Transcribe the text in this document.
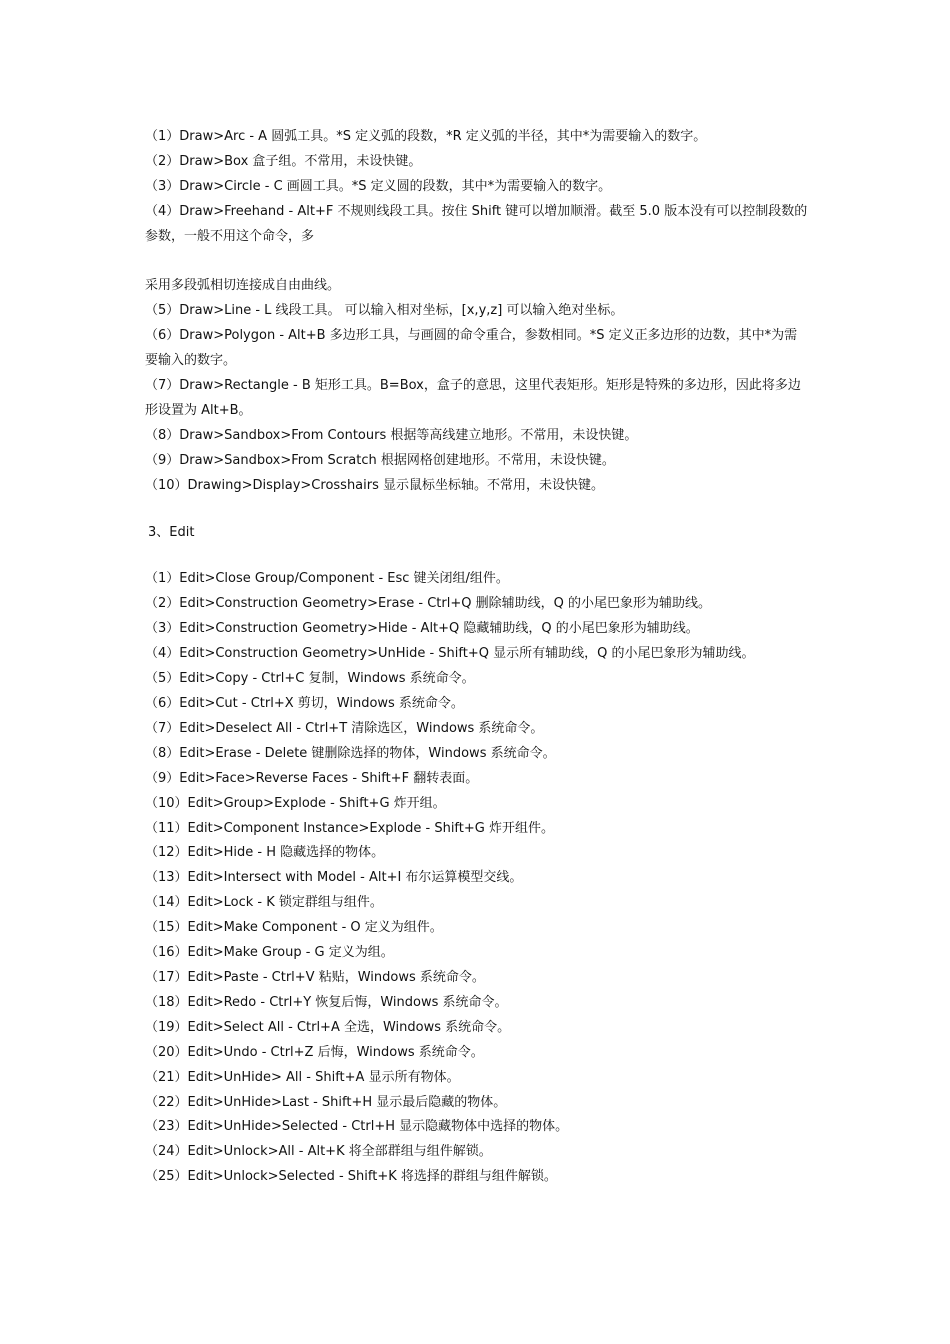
（1）Draw>Arc - A 圆弧工具。*S 定义弧的段数，*R 定义弧的半径，其中*为需要输入的数字。
（2）Draw>Box 盒子组。不常用，未设快键。
（3）Draw>Circle - C 画圆工具。*S 定义圆的段数，其中*为需要输入的数字。
（4）Draw>Freehand - Alt+F 不规则线段工具。按住 Shift 键可以增加顺滑。截至 5.0 版本没有可以控制段数的参数，一般不用这个命令，多
采用多段弧相切连接成自由曲线。
（5）Draw>Line - L 线段工具。 可以输入相对坐标，[x,y,z] 可以输入绝对坐标。
（6）Draw>Polygon - Alt+B 多边形工具，与画圆的命令重合，参数相同。*S 定义正多边形的边数，其中*为需要输入的数字。
（7）Draw>Rectangle - B 矩形工具。B=Box，盒子的意思，这里代表矩形。矩形是特殊的多边形，因此将多边形设置为 Alt+B。
（8）Draw>Sandbox>From Contours 根据等高线建立地形。不常用，未设快键。
（9）Draw>Sandbox>From Scratch 根据网格创建地形。不常用，未设快键。
（10）Drawing>Display>Crosshairs 显示鼠标坐标轴。不常用，未设快键。
3、Edit
（1）Edit>Close Group/Component - Esc 键关闭组/组件。
（2）Edit>Construction Geometry>Erase - Ctrl+Q 删除辅助线，Q 的小尾巴象形为辅助线。
（3）Edit>Construction Geometry>Hide - Alt+Q 隐藏辅助线，Q 的小尾巴象形为辅助线。
（4）Edit>Construction Geometry>UnHide - Shift+Q 显示所有辅助线，Q 的小尾巴象形为辅助线。
（5）Edit>Copy - Ctrl+C 复制，Windows 系统命令。
（6）Edit>Cut - Ctrl+X 剪切，Windows 系统命令。
（7）Edit>Deselect All - Ctrl+T 清除选区，Windows 系统命令。
（8）Edit>Erase - Delete 键删除选择的物体，Windows 系统命令。
（9）Edit>Face>Reverse Faces - Shift+F 翻转表面。
（10）Edit>Group>Explode - Shift+G 炸开组。
（11）Edit>Component Instance>Explode - Shift+G 炸开组件。
（12）Edit>Hide - H 隐藏选择的物体。
（13）Edit>Intersect with Model - Alt+I 布尔运算模型交线。
（14）Edit>Lock - K 锁定群组与组件。
（15）Edit>Make Component - O 定义为组件。
（16）Edit>Make Group - G 定义为组。
（17）Edit>Paste - Ctrl+V 粘贴，Windows 系统命令。
（18）Edit>Redo - Ctrl+Y 恢复后悔，Windows 系统命令。
（19）Edit>Select All - Ctrl+A 全选，Windows 系统命令。
（20）Edit>Undo - Ctrl+Z 后悔，Windows 系统命令。
（21）Edit>UnHide> All - Shift+A 显示所有物体。
（22）Edit>UnHide>Last - Shift+H 显示最后隐藏的物体。
（23）Edit>UnHide>Selected - Ctrl+H 显示隐藏物体中选择的物体。
（24）Edit>Unlock>All - Alt+K 将全部群组与组件解锁。
（25）Edit>Unlock>Selected - Shift+K 将选择的群组与组件解锁。
